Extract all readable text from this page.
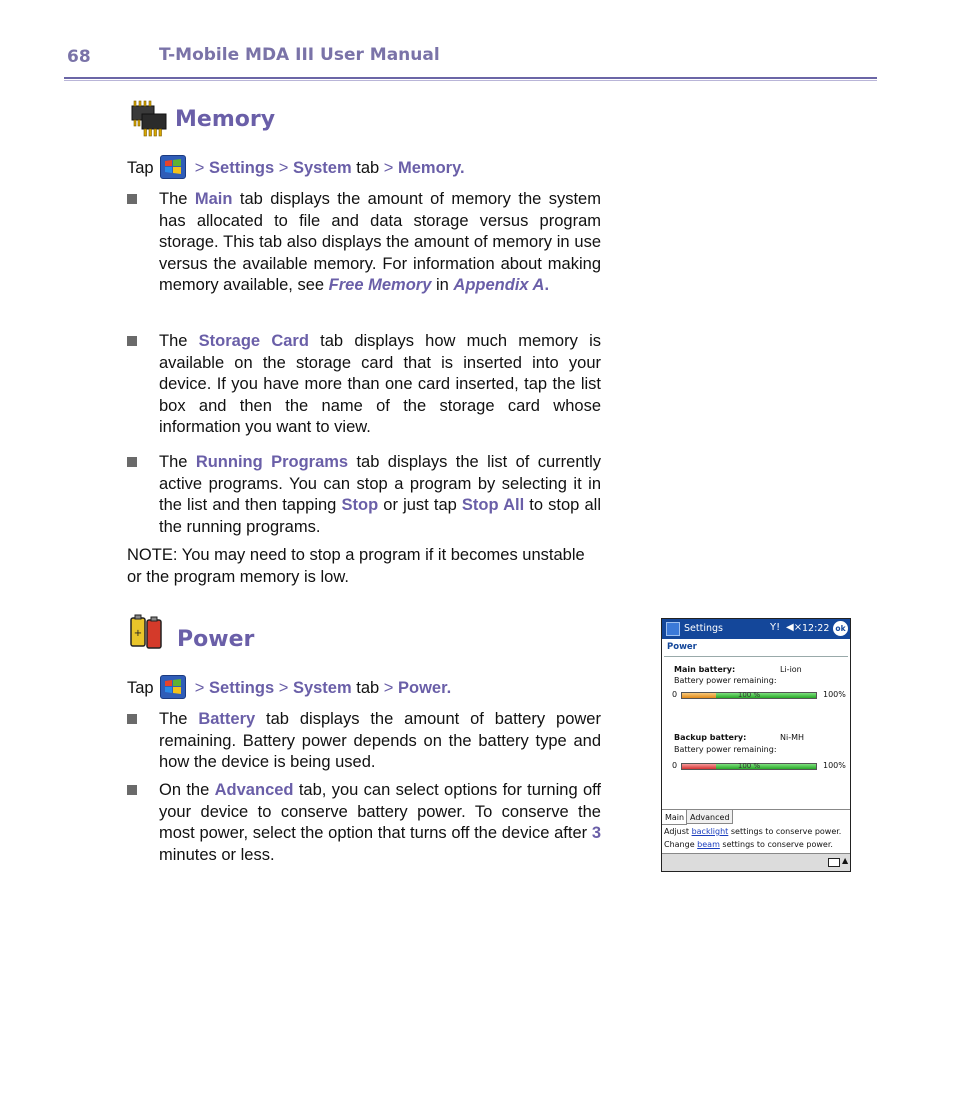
68	T-Mobile MDA III User Manual
Memory
Tap > Settings > System tab > Memory.
The Main tab displays the amount of memory the system has allocated to file and data storage versus program storage. This tab also displays the amount of memory in use versus the available memory. For information about making memory available, see Free Memory in Appendix A.
The Storage Card tab displays how much memory is available on the storage card that is inserted into your device. If you have more than one card inserted, tap the list box and then the name of the storage card whose information you want to view.
The Running Programs tab displays the list of currently active programs. You can stop a program by selecting it in the list and then tapping Stop or just tap Stop All to stop all the running programs.
NOTE: You may need to stop a program if it becomes unstable or the program memory is low.
+ Power
Tap > Settings > System tab > Power.
The Battery tab displays the amount of battery power remaining. Battery power depends on the battery type and how the device is being used.
On the Advanced tab, you can select options for turning off your device to conserve battery power. To conserve the most power, select the option that turns off the device after 3 minutes or less.
Settings	Y! ◀× 12:22 ok
Power
Main battery:	Li-ion
Battery power remaining:
0	100 %	100%
Backup battery:	Ni-MH
Battery power remaining:
0	100 %	100%
Main Advanced
Adjust backlight settings to conserve power.
Change beam settings to conserve power.
▲
